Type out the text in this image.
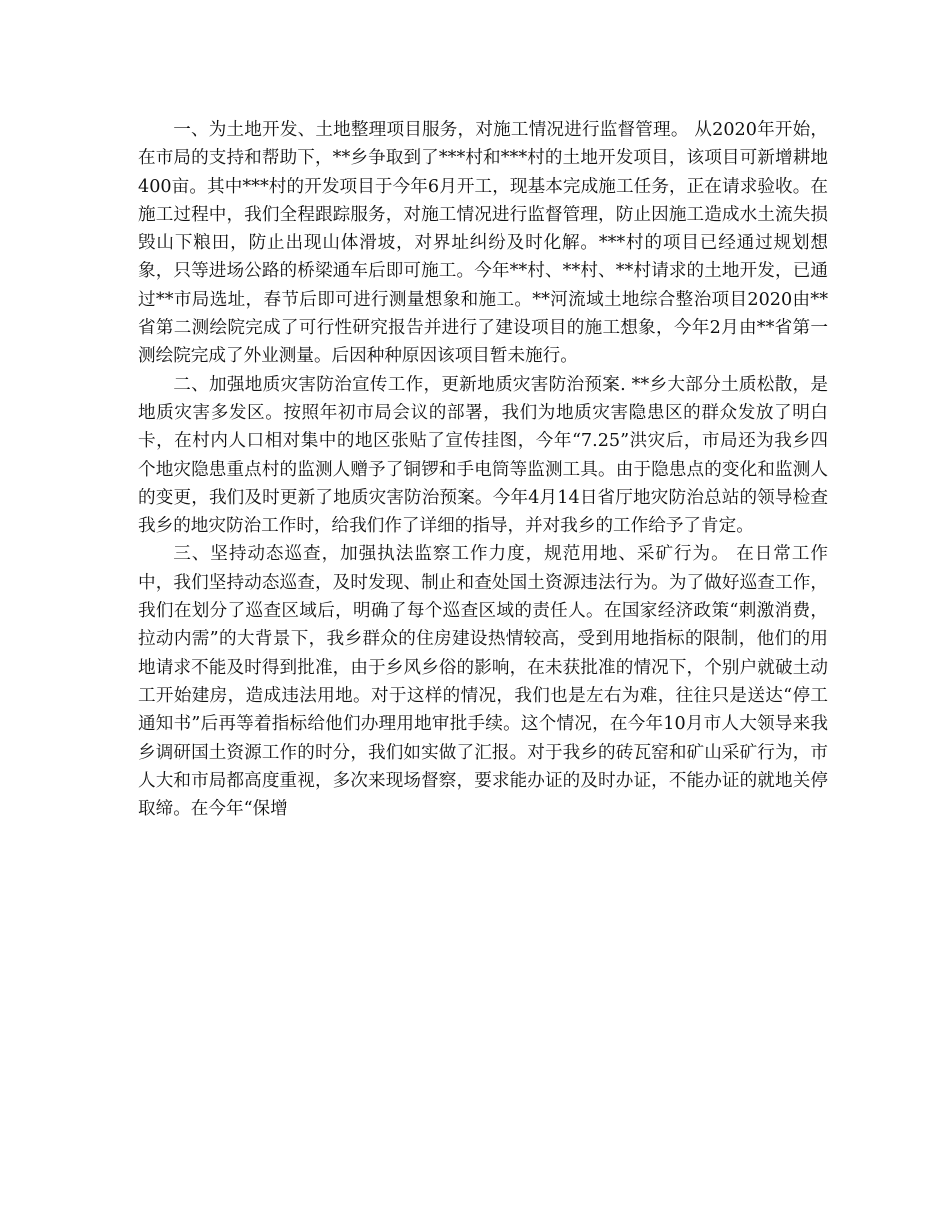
一、为土地开发、土地整理项目服务，对施工情况进行监督管理。 从2020年开始，在市局的支持和帮助下，**乡争取到了***村和***村的土地开发项目，该项目可新增耕地400亩。其中***村的开发项目于今年6月开工，现基本完成施工任务，正在请求验收。在施工过程中，我们全程跟踪服务，对施工情况进行监督管理，防止因施工造成水土流失损毁山下粮田，防止出现山体滑坡，对界址纠纷及时化解。***村的项目已经通过规划想象，只等进场公路的桥梁通车后即可施工。今年**村、**村、**村请求的土地开发，已通过**市局选址，春节后即可进行测量想象和施工。**河流域土地综合整治项目2020由**省第二测绘院完成了可行性研究报告并进行了建设项目的施工想象，今年2月由**省第一测绘院完成了外业测量。后因种种原因该项目暂未施行。

二、加强地质灾害防治宣传工作，更新地质灾害防治预案. **乡大部分土质松散，是地质灾害多发区。按照年初市局会议的部署，我们为地质灾害隐患区的群众发放了明白卡，在村内人口相对集中的地区张贴了宣传挂图，今年“7.25”洪灾后，市局还为我乡四个地灾隐患重点村的监测人赠予了铜锣和手电筒等监测工具。由于隐患点的变化和监测人的变更，我们及时更新了地质灾害防治预案。今年4月14日省厅地灾防治总站的领导检查我乡的地灾防治工作时，给我们作了详细的指导，并对我乡的工作给予了肯定。

三、坚持动态巡查，加强执法监察工作力度，规范用地、采矿行为。 在日常工作中，我们坚持动态巡查，及时发现、制止和查处国土资源违法行为。为了做好巡查工作，我们在划分了巡查区域后，明确了每个巡查区域的责任人。在国家经济政策“刺激消费，拉动内需”的大背景下，我乡群众的住房建设热情较高，受到用地指标的限制，他们的用地请求不能及时得到批准，由于乡风乡俗的影响，在未获批准的情况下，个别户就破土动工开始建房，造成违法用地。对于这样的情况，我们也是左右为难，往往只是送达“停工通知书”后再等着指标给他们办理用地审批手续。这个情况，在今年10月市人大领导来我乡调研国土资源工作的时分，我们如实做了汇报。对于我乡的砖瓦窑和矿山采矿行为，市人大和市局都高度重视，多次来现场督察，要求能办证的及时办证，不能办证的就地关停取缔。在今年“保增
